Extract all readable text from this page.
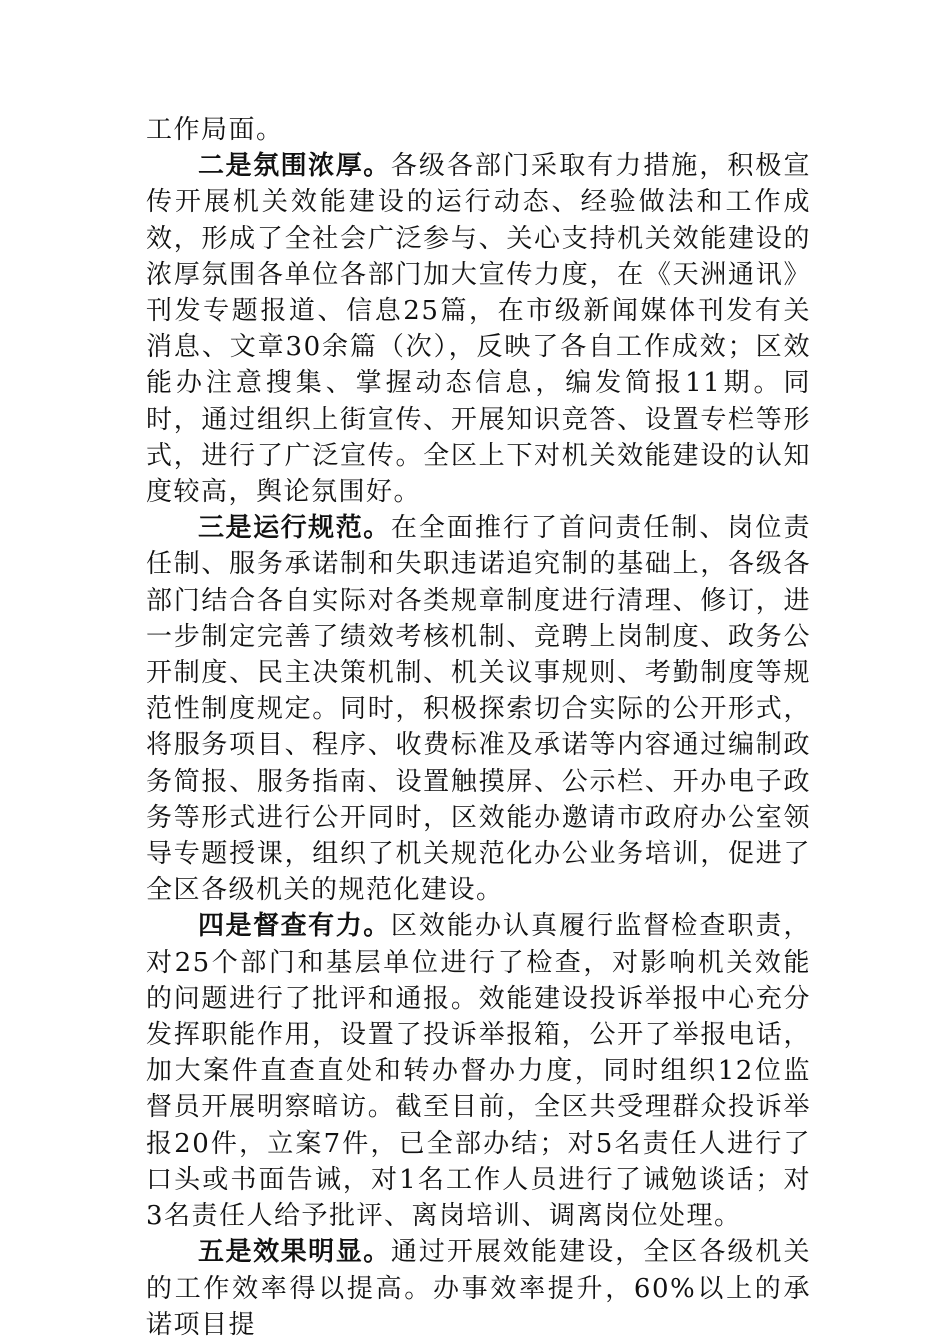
工作局面。

二是氛围浓厚。各级各部门采取有力措施，积极宣传开展机关效能建设的运行动态、经验做法和工作成效，形成了全社会广泛参与、关心支持机关效能建设的浓厚氛围各单位各部门加大宣传力度，在《天洲通讯》刊发专题报道、信息25篇，在市级新闻媒体刊发有关消息、文章30余篇（次），反映了各自工作成效；区效能办注意搜集、掌握动态信息，编发简报11期。同时，通过组织上街宣传、开展知识竞答、设置专栏等形式，进行了广泛宣传。全区上下对机关效能建设的认知度较高，舆论氛围好。

三是运行规范。在全面推行了首问责任制、岗位责任制、服务承诺制和失职违诺追究制的基础上，各级各部门结合各自实际对各类规章制度进行清理、修订，进一步制定完善了绩效考核机制、竞聘上岗制度、政务公开制度、民主决策机制、机关议事规则、考勤制度等规范性制度规定。同时，积极探索切合实际的公开形式，将服务项目、程序、收费标准及承诺等内容通过编制政务简报、服务指南、设置触摸屏、公示栏、开办电子政务等形式进行公开同时，区效能办邀请市政府办公室领导专题授课，组织了机关规范化办公业务培训，促进了全区各级机关的规范化建设。

四是督查有力。区效能办认真履行监督检查职责，对25个部门和基层单位进行了检查，对影响机关效能的问题进行了批评和通报。效能建设投诉举报中心充分发挥职能作用，设置了投诉举报箱，公开了举报电话，加大案件直查直处和转办督办力度，同时组织12位监督员开展明察暗访。截至目前，全区共受理群众投诉举报20件，立案7件，已全部办结；对5名责任人进行了口头或书面告诫，对1名工作人员进行了诫勉谈话；对3名责任人给予批评、离岗培训、调离岗位处理。

五是效果明显。通过开展效能建设，全区各级机关的工作效率得以提高。办事效率提升，60%以上的承诺项目提
